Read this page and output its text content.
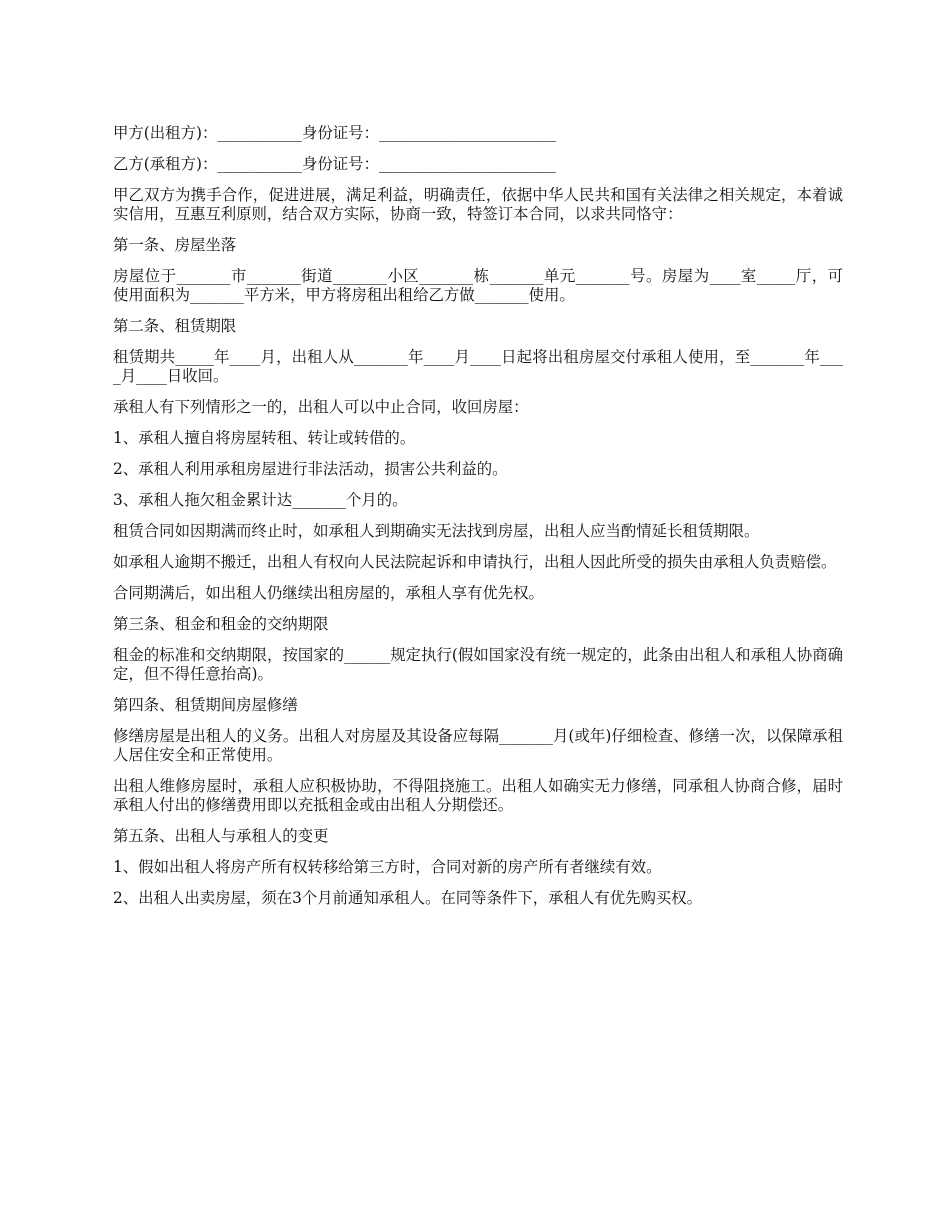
甲方(出租方)：___________身份证号：_______________________

乙方(承租方)：___________身份证号：_______________________

甲乙双方为携手合作，促进进展，满足利益，明确责任，依据中华人民共和国有关法律之相关规定，本着诚实信用，互惠互利原则，结合双方实际，协商一致，特签订本合同，以求共同恪守：

第一条、房屋坐落

房屋位于_______市_______街道_______小区_______栋_______单元_______号。房屋为____室_____厅，可使用面积为_______平方米，甲方将房租出租给乙方做_______使用。

第二条、租赁期限

租赁期共_____年____月，出租人从_______年____月____日起将出租房屋交付承租人使用，至_______年____月____日收回。

承租人有下列情形之一的，出租人可以中止合同，收回房屋：

1、承租人擅自将房屋转租、转让或转借的。

2、承租人利用承租房屋进行非法活动，损害公共利益的。

3、承租人拖欠租金累计达_______个月的。

租赁合同如因期满而终止时，如承租人到期确实无法找到房屋，出租人应当酌情延长租赁期限。

如承租人逾期不搬迁，出租人有权向人民法院起诉和申请执行，出租人因此所受的损失由承租人负责赔偿。

合同期满后，如出租人仍继续出租房屋的，承租人享有优先权。

第三条、租金和租金的交纳期限

租金的标准和交纳期限，按国家的______规定执行(假如国家没有统一规定的，此条由出租人和承租人协商确定，但不得任意抬高)。

第四条、租赁期间房屋修缮

修缮房屋是出租人的义务。出租人对房屋及其设备应每隔_______月(或年)仔细检查、修缮一次，以保障承租人居住安全和正常使用。

出租人维修房屋时，承租人应积极协助，不得阻挠施工。出租人如确实无力修缮，同承租人协商合修，届时承租人付出的修缮费用即以充抵租金或由出租人分期偿还。

第五条、出租人与承租人的变更

1、假如出租人将房产所有权转移给第三方时，合同对新的房产所有者继续有效。

2、出租人出卖房屋，须在3个月前通知承租人。在同等条件下，承租人有优先购买权。
